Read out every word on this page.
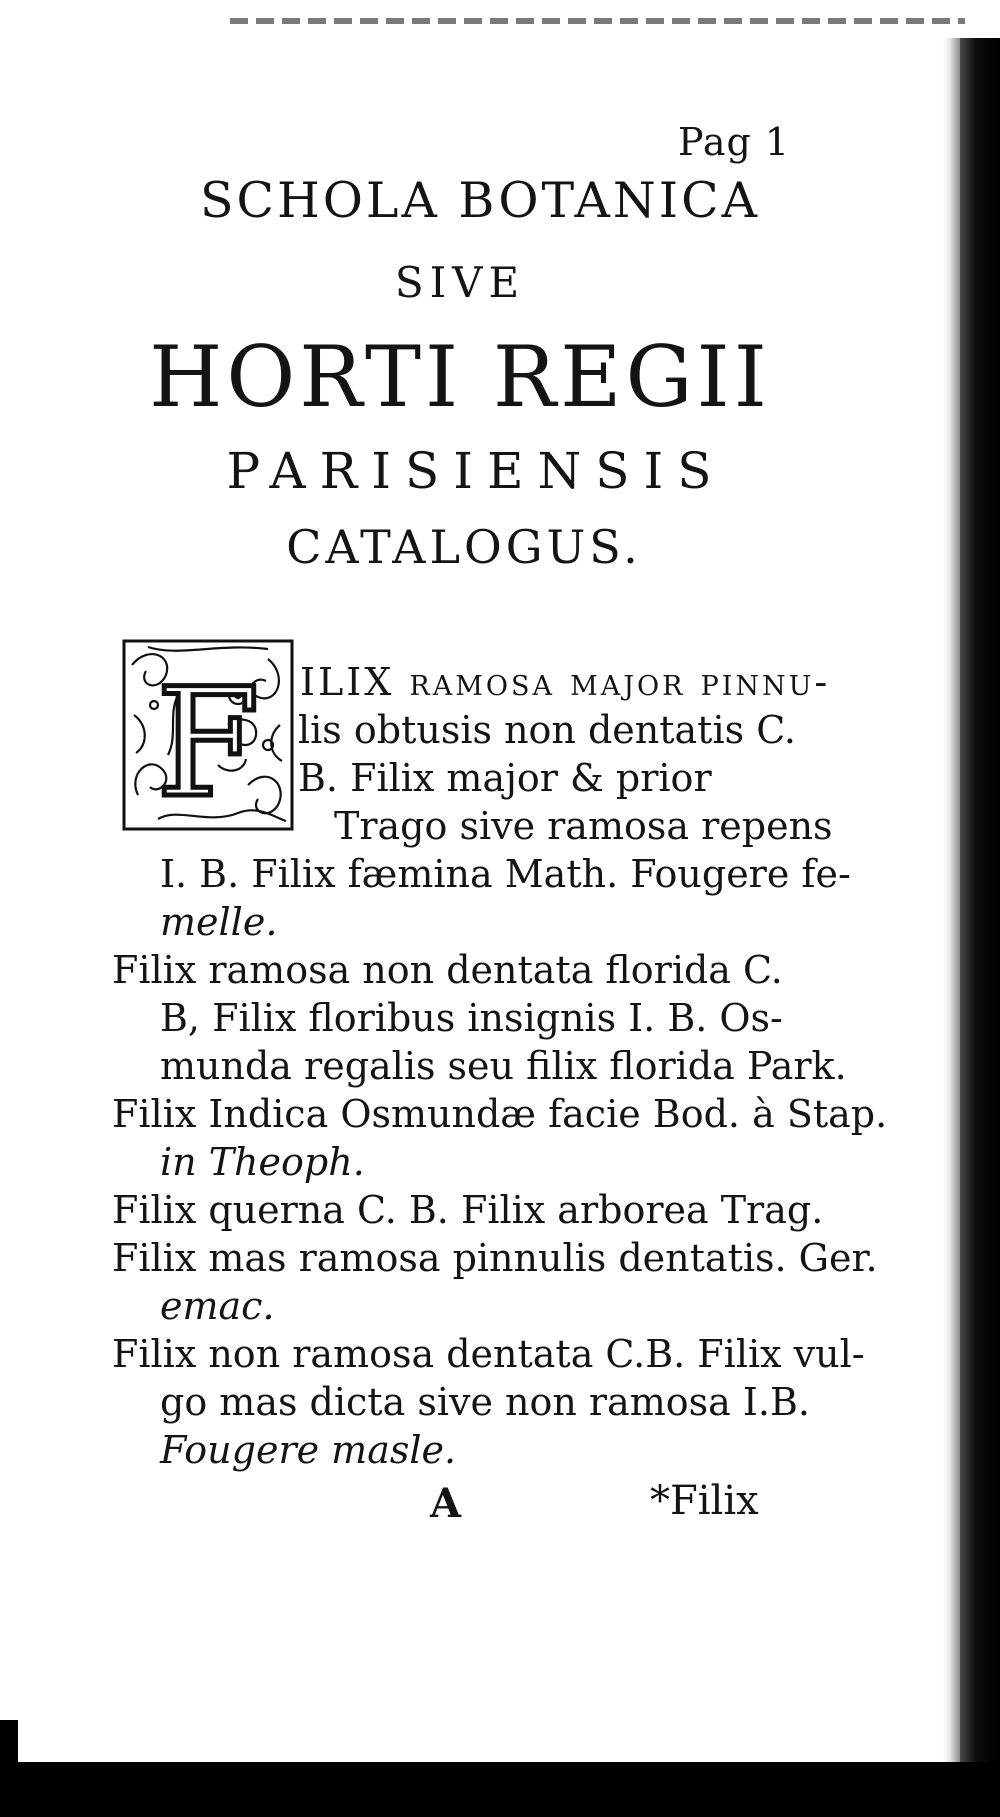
Pag 1
SCHOLA BOTANICA
SIVE
HORTI REGII
PARISIENSIS
CATALOGUS.
F ILIX ramosa major pinnu-
lis obtusis non dentatis C.
B. Filix major & prior
Trago sive ramosa repens
I. B. Filix fæmina Math. Fougere fe-
melle.
Filix ramosa non dentata florida C.
B, Filix floribus insignis I. B. Os-
munda regalis seu filix florida Park.
Filix Indica Osmundæ facie Bod. à Stap.
in Theoph.
Filix querna C. B. Filix arborea Trag.
Filix mas ramosa pinnulis dentatis. Ger.
emac.
Filix non ramosa dentata C.B. Filix vul-
go mas dicta sive non ramosa I.B.
Fougere masle.
A	*Filix
